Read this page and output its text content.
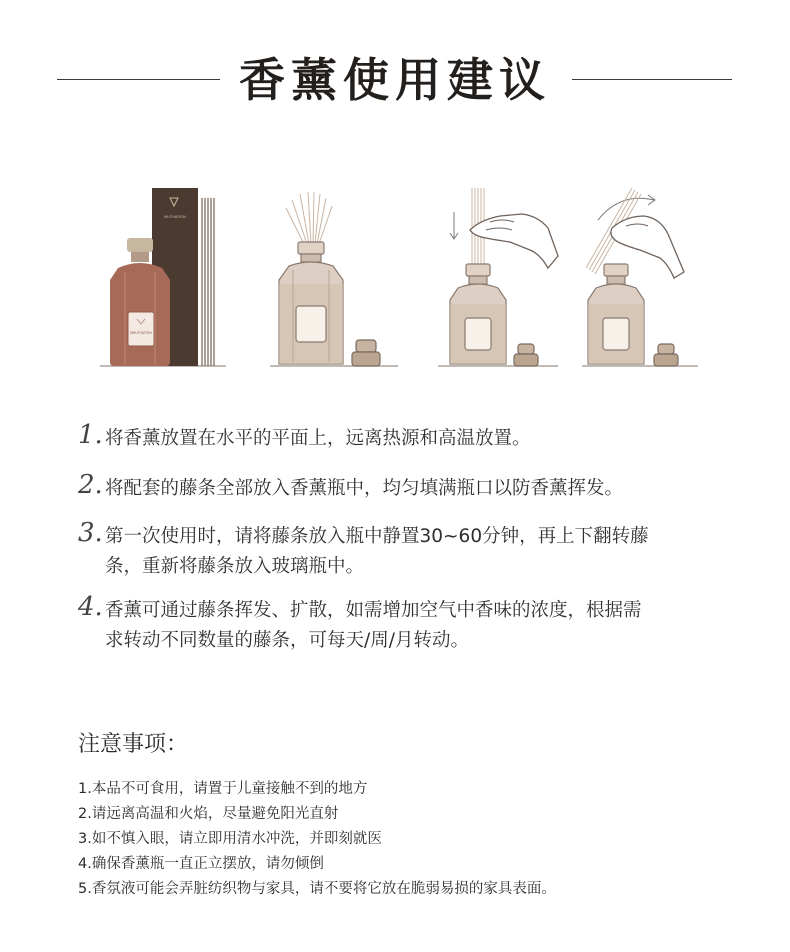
香薰使用建议
MUTHATION
BMUTHATION
1. 将香薰放置在水平的平面上，远离热源和高温放置。
2. 将配套的藤条全部放入香薰瓶中，均匀填满瓶口以防香薰挥发。
3. 第一次使用时，请将藤条放入瓶中静置30~60分钟，再上下翻转藤
条，重新将藤条放入玻璃瓶中。
4. 香薰可通过藤条挥发、扩散，如需增加空气中香味的浓度，根据需
求转动不同数量的藤条，可每天/周/月转动。
注意事项：
1.本品不可食用，请置于儿童接触不到的地方
2.请远离高温和火焰，尽量避免阳光直射
3.如不慎入眼，请立即用清水冲洗，并即刻就医
4.确保香薰瓶一直正立摆放，请勿倾倒
5.香氛液可能会弄脏纺织物与家具，请不要将它放在脆弱易损的家具表面。
